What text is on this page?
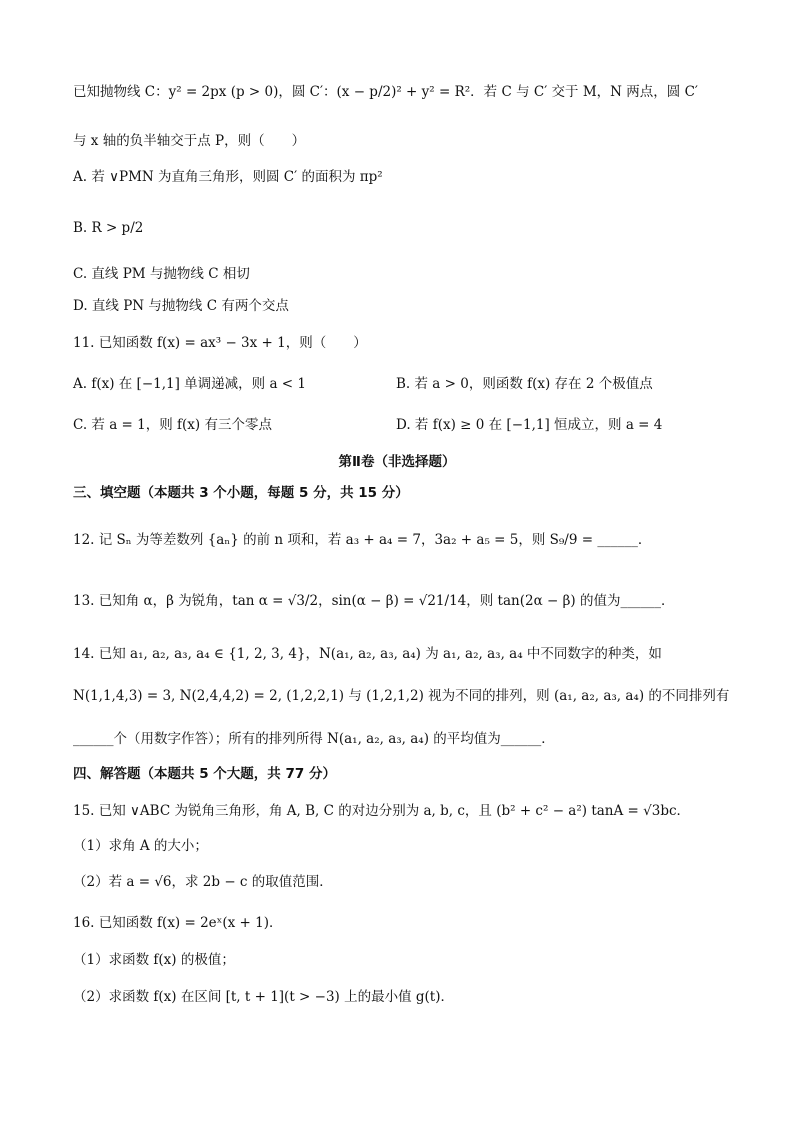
已知抛物线 C：y² = 2px (p > 0)，圆 C′：(x − p/2)² + y² = R²．若 C 与 C′ 交于 M，N 两点，圆 C′
与 x 轴的负半轴交于点 P，则（　　）
A. 若 ∨PMN 为直角三角形，则圆 C′ 的面积为 πp²
B. R > p/2
C. 直线 PM 与抛物线 C 相切
D. 直线 PN 与抛物线 C 有两个交点
11. 已知函数 f(x) = ax³ − 3x + 1，则（　　）
A. f(x) 在 [−1,1] 单调递减，则 a < 1	B. 若 a > 0，则函数 f(x) 存在 2 个极值点
C. 若 a = 1，则 f(x) 有三个零点	D. 若 f(x) ≥ 0 在 [−1,1] 恒成立，则 a = 4
第Ⅱ卷（非选择题）
三、填空题（本题共 3 个小题，每题 5 分，共 15 分）
12. 记 Sₙ 为等差数列 {aₙ} 的前 n 项和，若 a₃ + a₄ = 7，3a₂ + a₅ = 5，则 S₉/9 = ______．
13. 已知角 α，β 为锐角，tan α = √3/2，sin(α − β) = √21/14，则 tan(2α − β) 的值为______．
14. 已知 a₁, a₂, a₃, a₄ ∈ {1, 2, 3, 4}，N(a₁, a₂, a₃, a₄) 为 a₁, a₂, a₃, a₄ 中不同数字的种类，如
N(1,1,4,3) = 3, N(2,4,4,2) = 2, (1,2,2,1) 与 (1,2,1,2) 视为不同的排列，则 (a₁, a₂, a₃, a₄) 的不同排列有
______个（用数字作答）；所有的排列所得 N(a₁, a₂, a₃, a₄) 的平均值为______．
四、解答题（本题共 5 个大题，共 77 分）
15. 已知 ∨ABC 为锐角三角形，角 A, B, C 的对边分别为 a, b, c，且 (b² + c² − a²) tanA = √3bc．
（1）求角 A 的大小；
（2）若 a = √6，求 2b − c 的取值范围．
16. 已知函数 f(x) = 2eˣ(x + 1)．
（1）求函数 f(x) 的极值；
（2）求函数 f(x) 在区间 [t, t + 1](t > −3) 上的最小值 g(t)．
